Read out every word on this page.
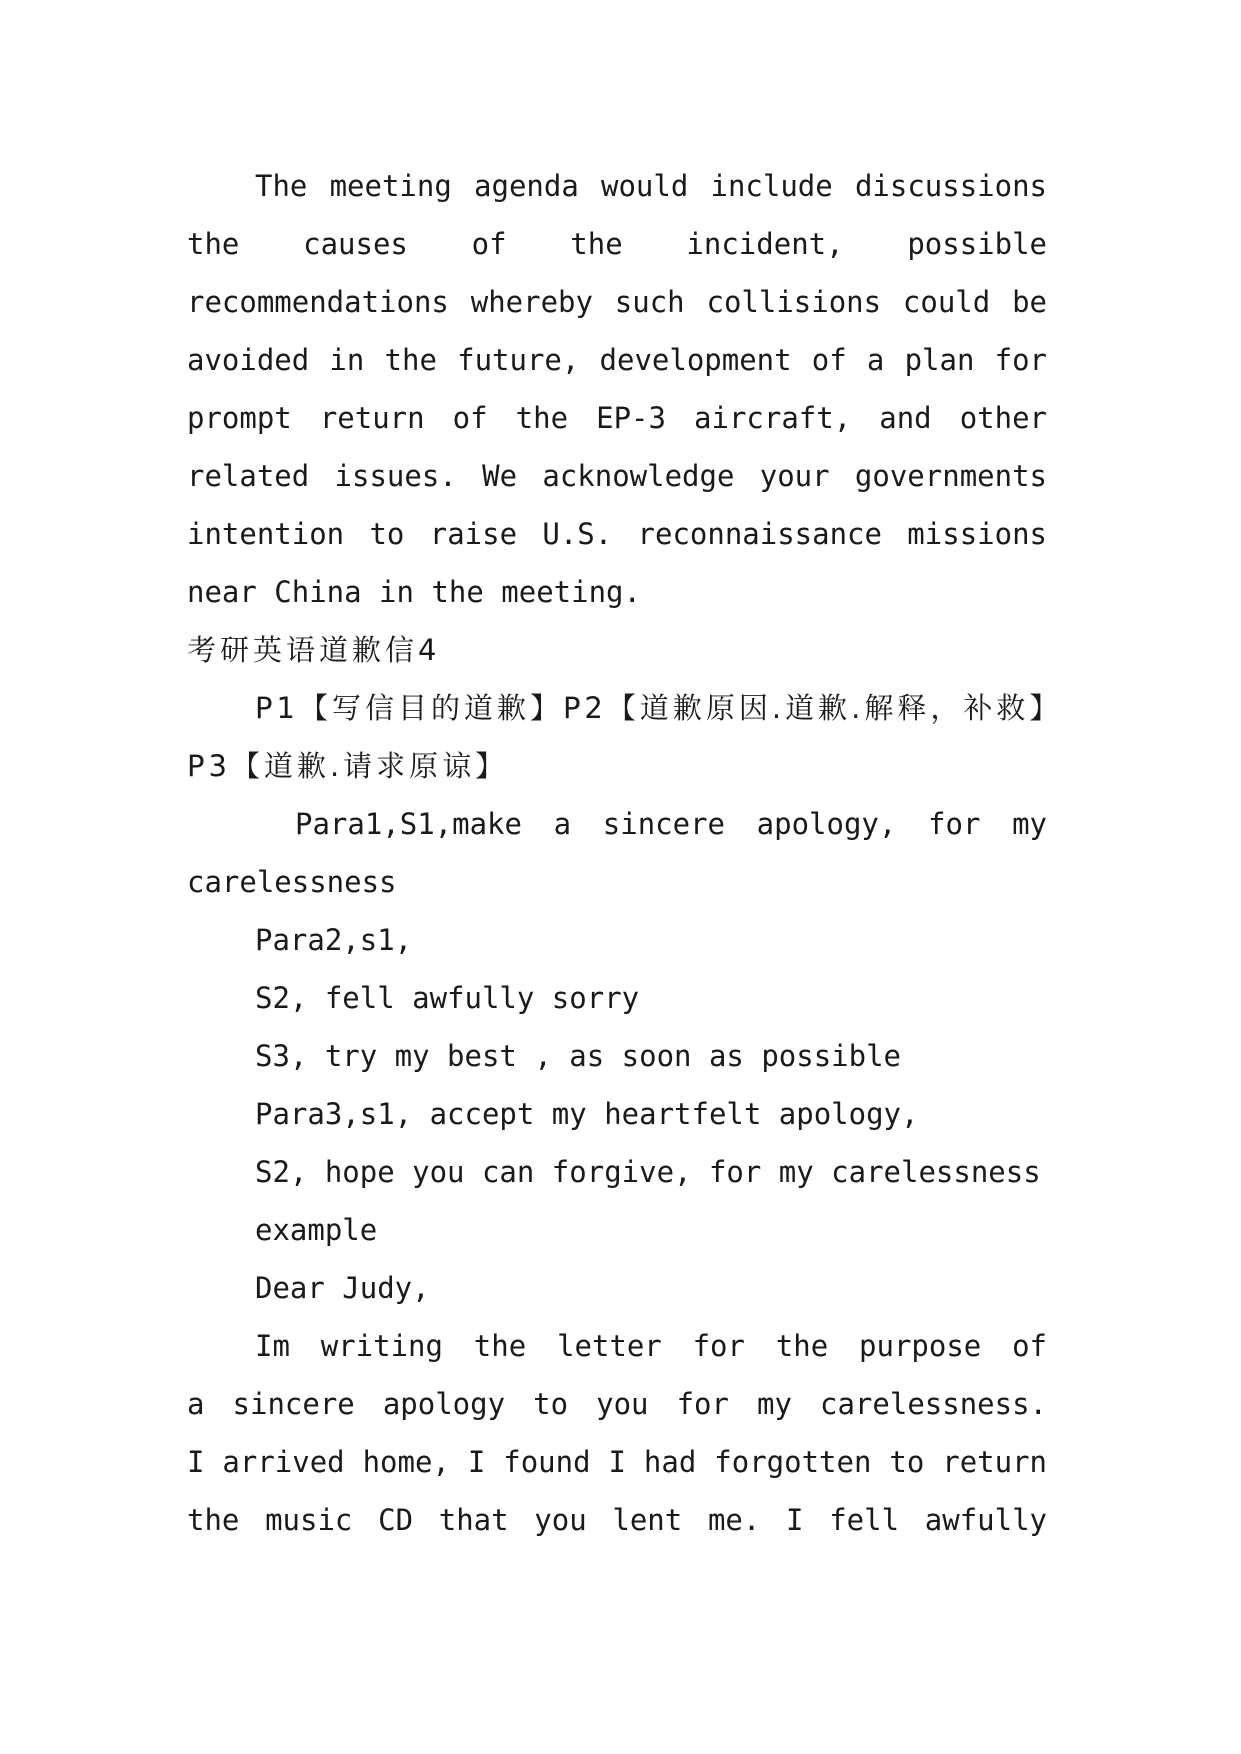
The meeting agenda would include discussions
the causes of the incident, possible
recommendations whereby such collisions could be
avoided in the future, development of a plan for
prompt return of the EP-3 aircraft, and other
related issues. We acknowledge your governments
intention to raise U.S. reconnaissance missions
near China in the meeting.
考研英语道歉信4
P1【写信目的道歉】P2【道歉原因.道歉.解释，补救】
P3【道歉.请求原谅】
Para1,S1,make a sincere apology, for my
carelessness
Para2,s1,
S2, fell awfully sorry
S3, try my best , as soon as possible
Para3,s1, accept my heartfelt apology,
S2, hope you can forgive, for my carelessness
example
Dear Judy,
Im writing the letter for the purpose of
a sincere apology to you for my carelessness.
I arrived home, I found I had forgotten to return
the music CD that you lent me. I fell awfully
